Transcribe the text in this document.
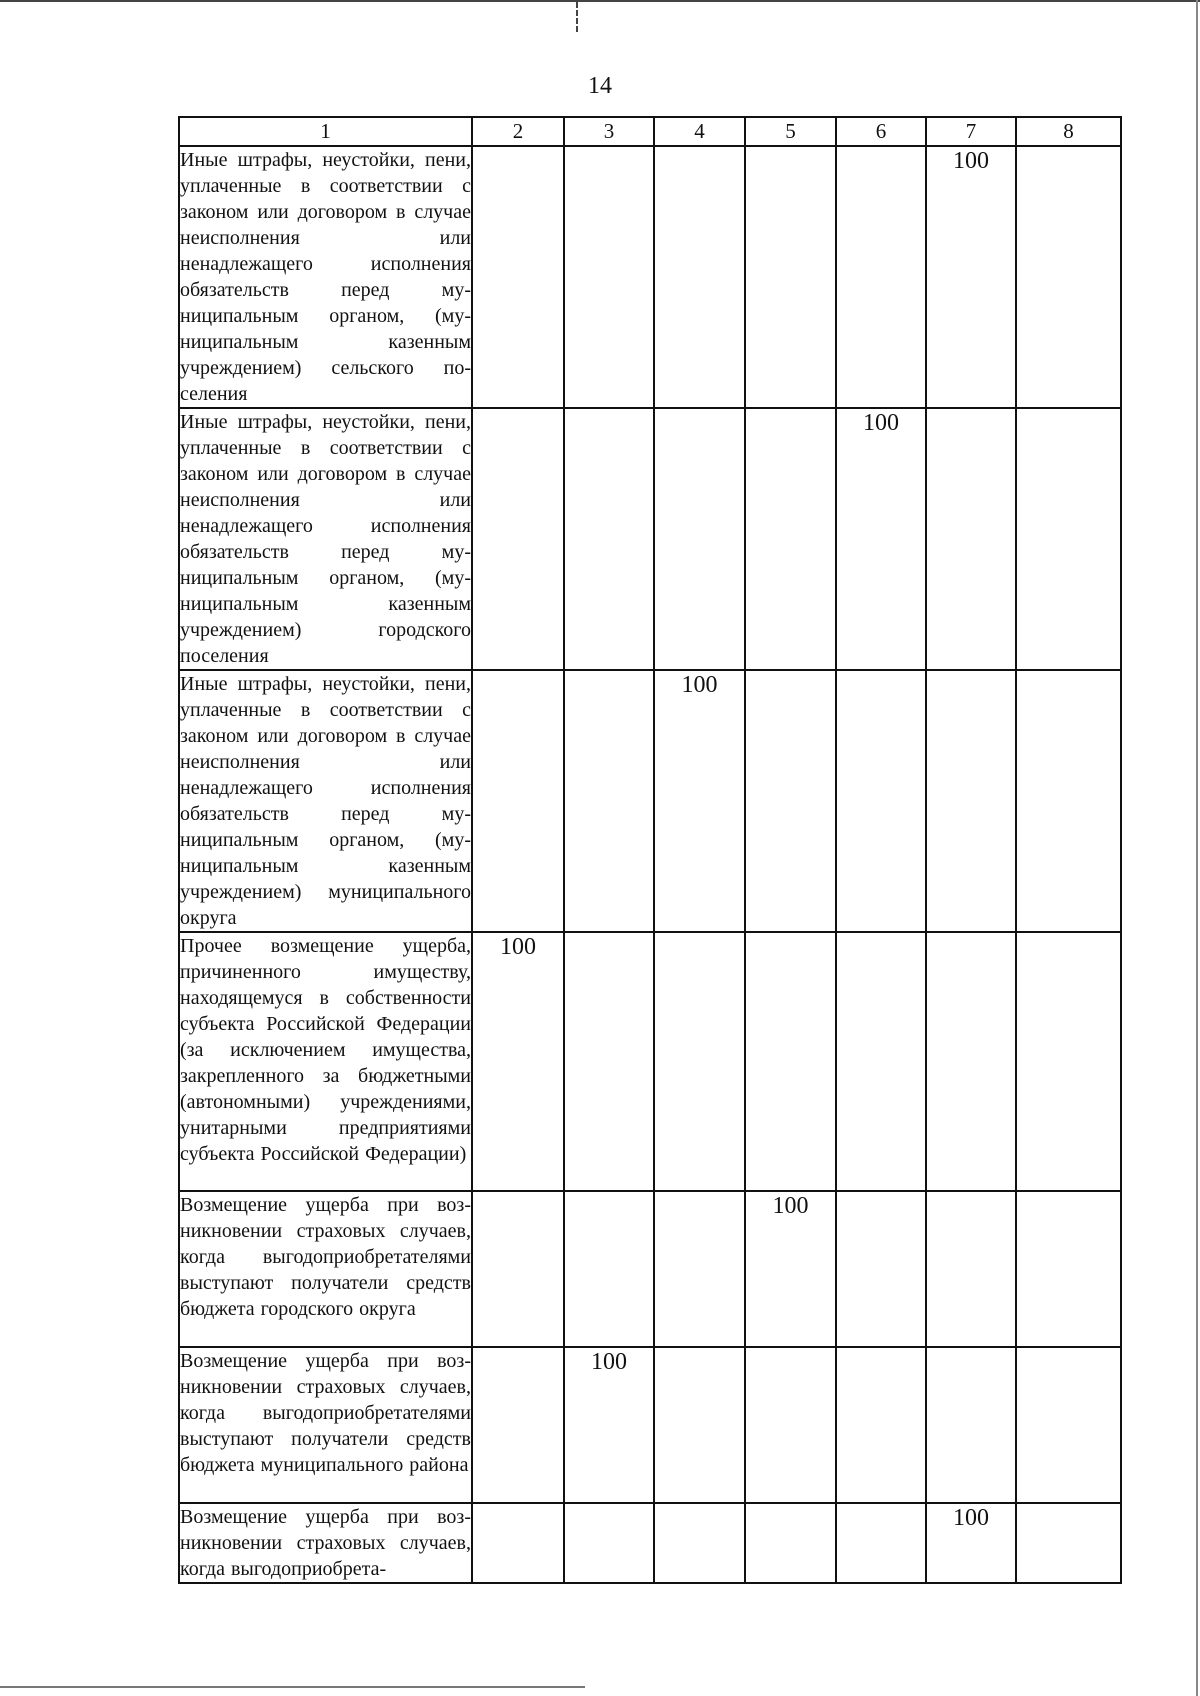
14
1	2	3	4	5	6	7	8
Иные штрафы, неустойки, пени, уплаченные в соответствии с законом или договором в случае неисполнения или ненадлежащего исполнения обязательств перед муниципальным органом, (муниципальным казенным учреждением) сельского поселения						100	
Иные штрафы, неустойки, пени, уплаченные в соответствии с законом или договором в случае неисполнения или ненадлежащего исполнения обязательств перед муниципальным органом, (муниципальным казенным учреждением) городского поселения					100		
Иные штрафы, неустойки, пени, уплаченные в соответствии с законом или договором в случае неисполнения или ненадлежащего исполнения обязательств перед муниципальным органом, (муниципальным казенным учреждением) муниципального округа			100				
Прочее возмещение ущерба, причиненного имуществу, находящемуся в собственности субъекта Российской Федерации (за исключением имущества, закрепленного за бюджетными (автономными) учреждениями, унитарными предприятиями субъекта Российской Федерации)	100						
Возмещение ущерба при возникновении страховых случаев, когда выгодоприобретателями выступают получатели средств бюджета городского округа				100			
Возмещение ущерба при возникновении страховых случаев, когда выгодоприобретателями выступают получатели средств бюджета муниципального района		100					
Возмещение ущерба при возникновении страховых случаев, когда выгодоприобрета-						100	
